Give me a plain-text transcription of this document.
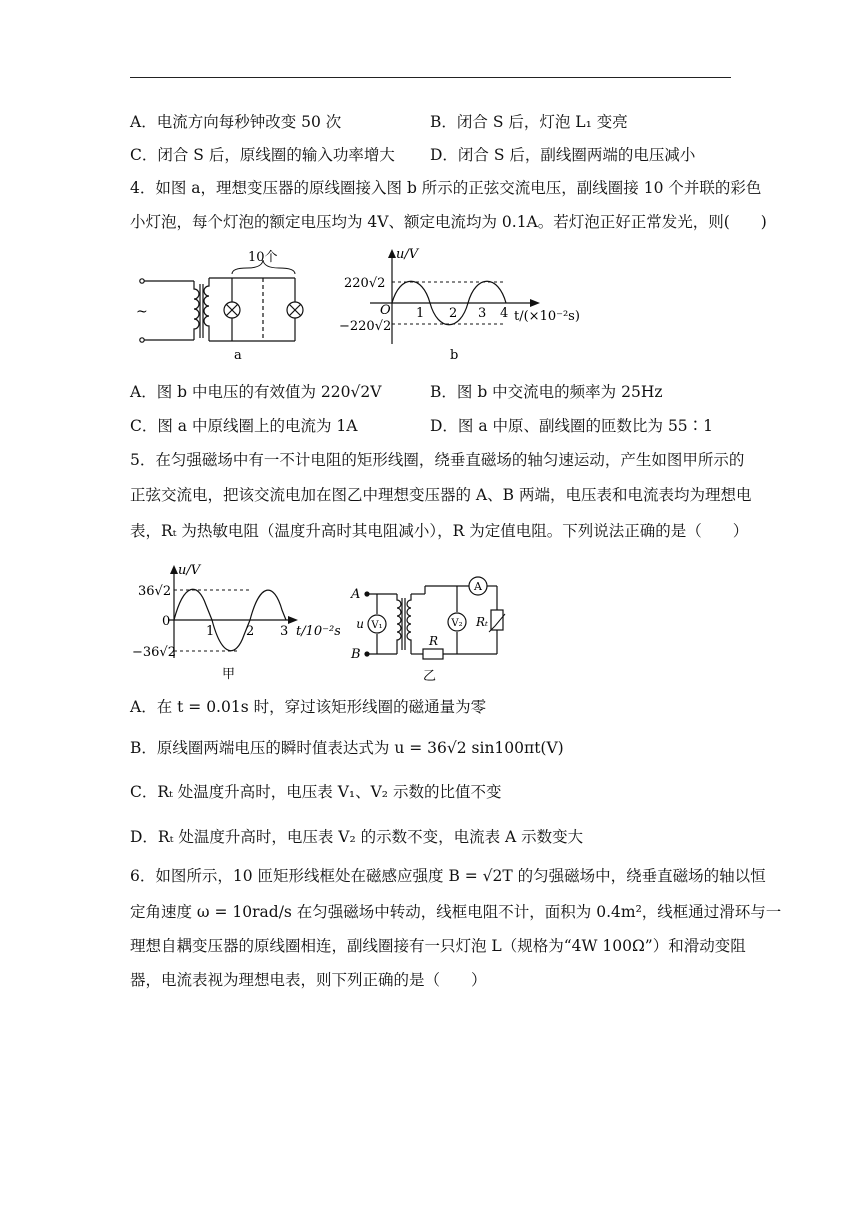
A．电流方向每秒钟改变 50 次	B．闭合 S 后，灯泡 L₁ 变亮
C．闭合 S 后，原线圈的输入功率增大 D．闭合 S 后，副线圈两端的电压减小
4．如图 a，理想变压器的原线圈接入图 b 所示的正弦交流电压，副线圈接 10 个并联的彩色
小灯泡，每个灯泡的额定电压均为 4V、额定电流均为 0.1A。若灯泡正好正常发光，则(　　)
10个
~
a
u/V
220√2
−220√2
O 1 2 3 4 t/(×10⁻²s)
b
A．图 b 中电压的有效值为 220√2V	B．图 b 中交流电的频率为 25Hz
C．图 a 中原线圈上的电流为 1A	D．图 a 中原、副线圈的匝数比为 55∶1
5．在匀强磁场中有一不计电阻的矩形线圈，绕垂直磁场的轴匀速运动，产生如图甲所示的
正弦交流电，把该交流电加在图乙中理想变压器的 A、B 两端，电压表和电流表均为理想电
表，Rₜ 为热敏电阻（温度升高时其电阻减小），R 为定值电阻。下列说法正确的是（　　）
u/V
36√2
−36√2
0
1 2 3 t/10⁻²s
甲
A
B
u V₁	V₂
A
R
Rₜ
乙
A．在 t = 0.01s 时，穿过该矩形线圈的磁通量为零
B．原线圈两端电压的瞬时值表达式为 u = 36√2 sin100πt(V)
C．Rₜ 处温度升高时，电压表 V₁、V₂ 示数的比值不变
D．Rₜ 处温度升高时，电压表 V₂ 的示数不变，电流表 A 示数变大
6．如图所示，10 匝矩形线框处在磁感应强度 B = √2T 的匀强磁场中，绕垂直磁场的轴以恒
定角速度 ω = 10rad/s 在匀强磁场中转动，线框电阻不计，面积为 0.4m²，线框通过滑环与一
理想自耦变压器的原线圈相连，副线圈接有一只灯泡 L（规格为“4W 100Ω”）和滑动变阻
器，电流表视为理想电表，则下列正确的是（　　）
